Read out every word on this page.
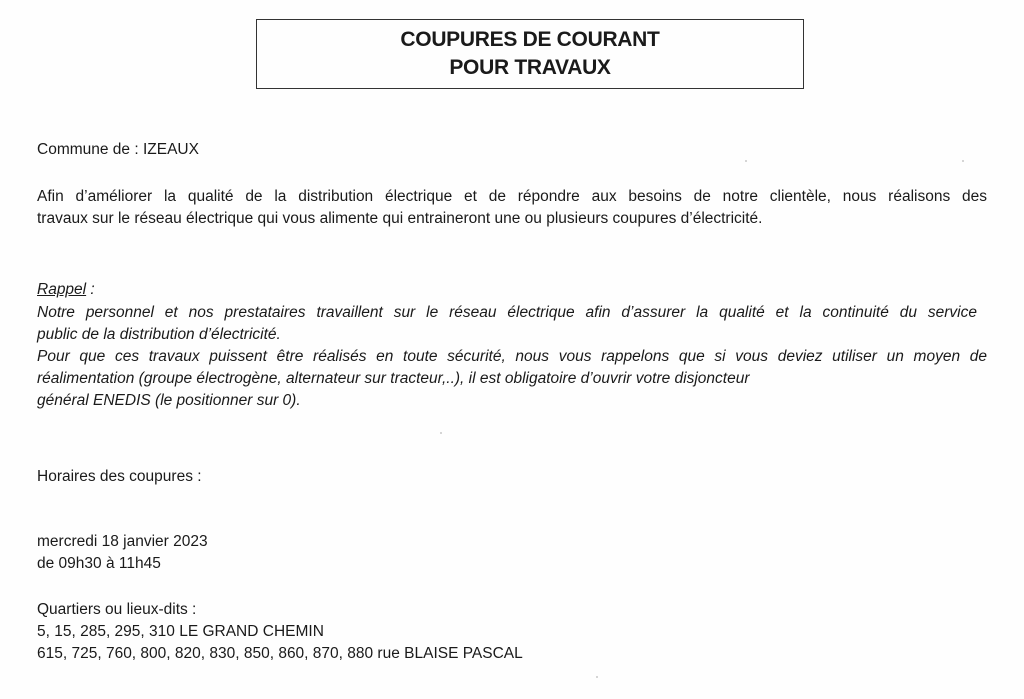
COUPURES DE COURANT
POUR TRAVAUX
Commune de : IZEAUX
Afin d’améliorer la qualité de la distribution électrique et de répondre aux besoins de notre clientèle, nous réalisons des
travaux sur le réseau électrique qui vous alimente qui entraineront une ou plusieurs coupures d’électricité.
Rappel :
Notre personnel et nos prestataires travaillent sur le réseau électrique afin d’assurer la qualité et la continuité du service
public de la distribution d’électricité.
Pour que ces travaux puissent être réalisés en toute sécurité, nous vous rappelons que si vous deviez utiliser un moyen de
réalimentation (groupe électrogène, alternateur sur tracteur,..), il est obligatoire d’ouvrir votre disjoncteur
général ENEDIS (le positionner sur 0).
Horaires des coupures :
mercredi 18 janvier 2023
de 09h30 à 11h45
Quartiers ou lieux-dits :
5, 15, 285, 295, 310 LE GRAND CHEMIN
615, 725, 760, 800, 820, 830, 850, 860, 870, 880 rue BLAISE PASCAL
